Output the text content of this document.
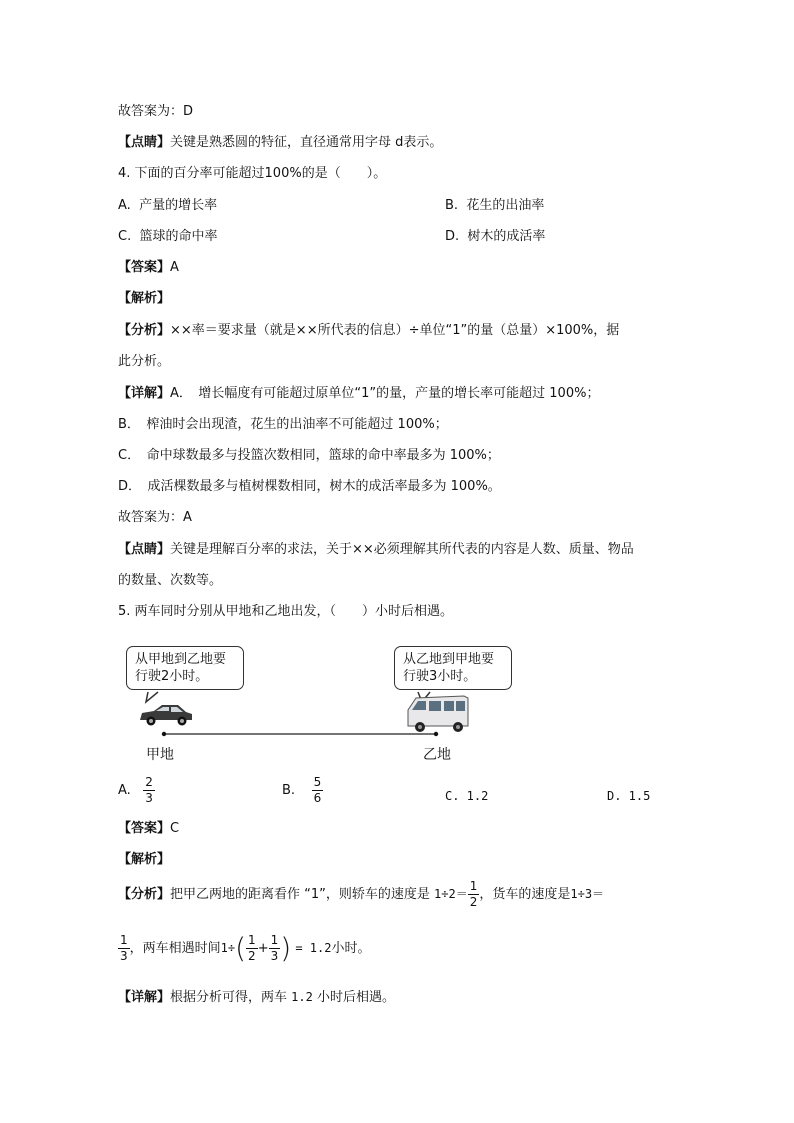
故答案为：D
【点睛】关键是熟悉圆的特征，直径通常用字母 d表示。
4. 下面的百分率可能超过100%的是（　　）。
A. 产量的增长率	B. 花生的出油率
C. 篮球的命中率	D. 树木的成活率
【答案】A
【解析】
【分析】××率＝要求量（就是××所代表的信息）÷单位“1”的量（总量）×100%，据
此分析。
【详解】A．　增长幅度有可能超过原单位“1”的量，产量的增长率可能超过 100%；
B．　榨油时会出现渣，花生的出油率不可能超过 100%；
C．　命中球数最多与投篮次数相同，篮球的命中率最多为 100%；
D．　成活棵数最多与植树棵数相同，树木的成活率最多为 100%。
故答案为：A
【点睛】关键是理解百分率的求法，关于××必须理解其所代表的内容是人数、质量、物品
的数量、次数等。
5. 两车同时分别从甲地和乙地出发，（　　）小时后相遇。
从甲地到乙地要
行驶2小时。
从乙地到甲地要
行驶3小时。
甲地	乙地
A. $\frac{2}{3}$	B. $\frac{5}{6}$	C. 1.2	D. 1.5
【答案】C
【解析】
【分析】把甲乙两地的距离看作 “1”，则轿车的速度是 $1\div 2= \frac{1}{2}$ ，货车的速度是1÷3＝
$\frac{1}{3}$ ，两车相遇时间$1\div( \frac{1}{2} + \frac{1}{3}$ ) = 1.2小时。
【详解】根据分析可得，两车 1.2 小时后相遇。
